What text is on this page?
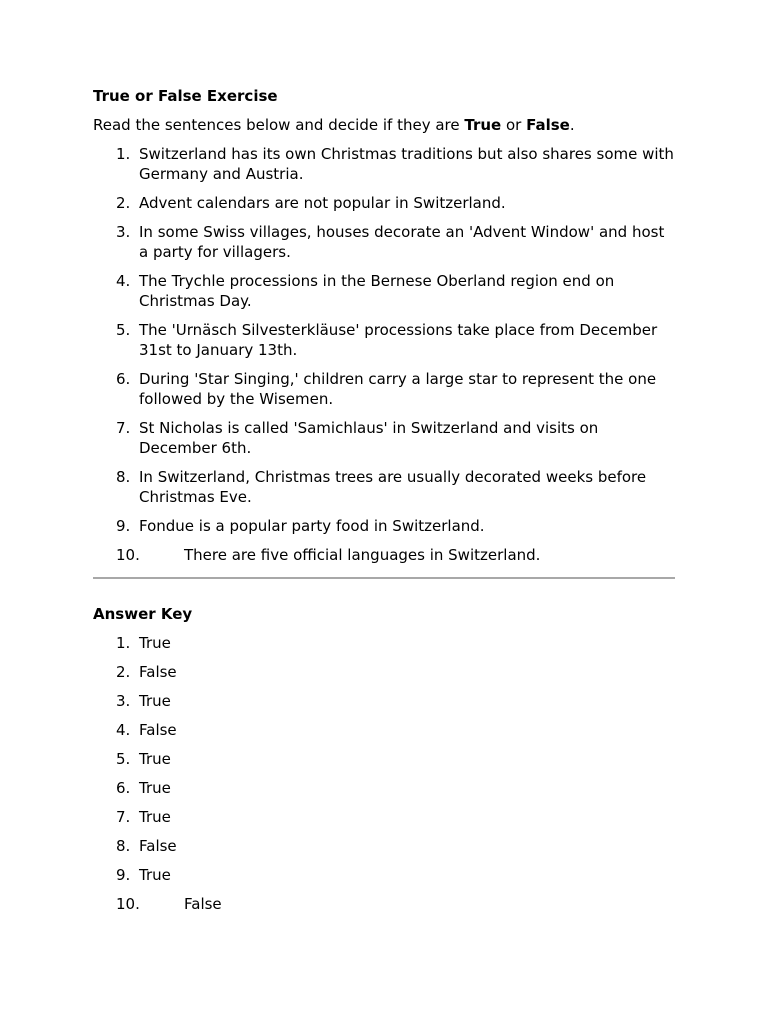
True or False Exercise
Read the sentences below and decide if they are True or False.
1. Switzerland has its own Christmas traditions but also shares some with Germany and Austria.
2. Advent calendars are not popular in Switzerland.
3. In some Swiss villages, houses decorate an 'Advent Window' and host a party for villagers.
4. The Trychle processions in the Bernese Oberland region end on Christmas Day.
5. The 'Urnäsch Silvesterkläuse' processions take place from December 31st to January 13th.
6. During 'Star Singing,' children carry a large star to represent the one followed by the Wisemen.
7. St Nicholas is called 'Samichlaus' in Switzerland and visits on December 6th.
8. In Switzerland, Christmas trees are usually decorated weeks before Christmas Eve.
9. Fondue is a popular party food in Switzerland.
10.	There are five official languages in Switzerland.
Answer Key
1. True
2. False
3. True
4. False
5. True
6. True
7. True
8. False
9. True
10.	False
